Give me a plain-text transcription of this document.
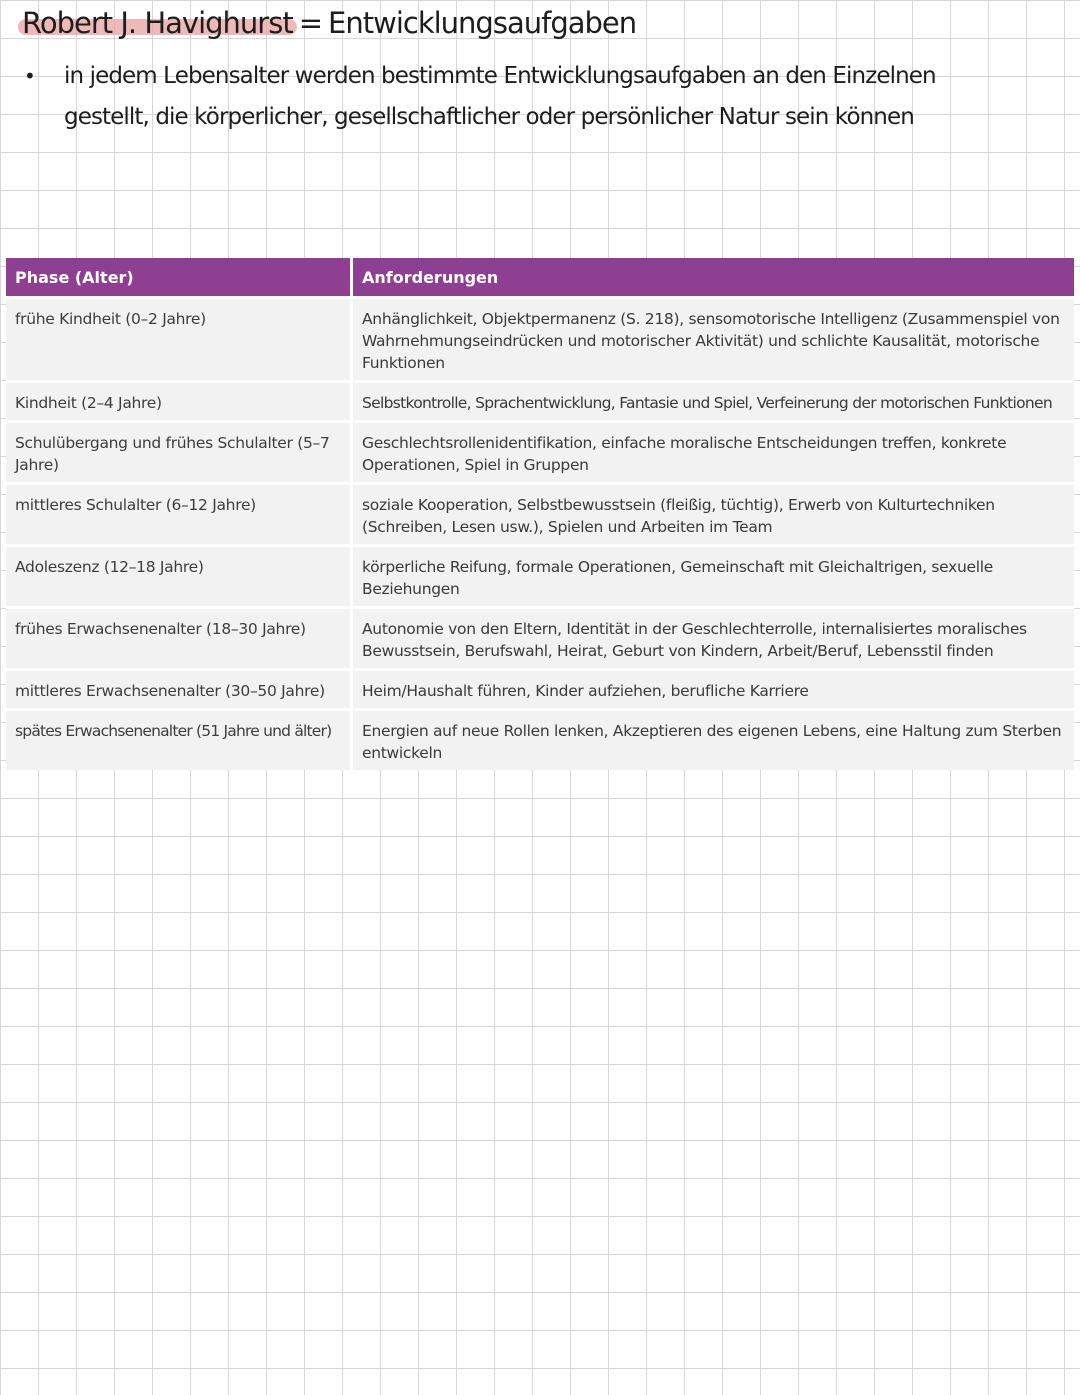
Robert J. Havighurst = Entwicklungsaufgaben
• in jedem Lebensalter werden bestimmte Entwicklungsaufgaben an den Einzelnen gestellt, die körperlicher, gesellschaftlicher oder persönlicher Natur sein können
Phase (Alter)	Anforderungen
frühe Kindheit (0–2 Jahre)	Anhänglichkeit, Objektpermanenz (S. 218), sensomotorische Intelligenz (Zusammenspiel von Wahrnehmungseindrücken und motorischer Aktivität) und schlichte Kausalität, motorische Funktionen
Kindheit (2–4 Jahre)	Selbstkontrolle, Sprachentwicklung, Fantasie und Spiel, Verfeinerung der motorischen Funktionen
Schulübergang und frühes Schulalter (5–7 Jahre)	Geschlechtsrollenidentifikation, einfache moralische Entscheidungen treffen, konkrete Operationen, Spiel in Gruppen
mittleres Schulalter (6–12 Jahre)	soziale Kooperation, Selbstbewusstsein (fleißig, tüchtig), Erwerb von Kulturtechniken (Schreiben, Lesen usw.), Spielen und Arbeiten im Team
Adoleszenz (12–18 Jahre)	körperliche Reifung, formale Operationen, Gemeinschaft mit Gleichaltrigen, sexuelle Beziehungen
frühes Erwachsenenalter (18–30 Jahre)	Autonomie von den Eltern, Identität in der Geschlechterrolle, internalisiertes moralisches Bewusstsein, Berufswahl, Heirat, Geburt von Kindern, Arbeit/Beruf, Lebensstil finden
mittleres Erwachsenenalter (30–50 Jahre)	Heim/Haushalt führen, Kinder aufziehen, berufliche Karriere
spätes Erwachsenenalter (51 Jahre und älter)	Energien auf neue Rollen lenken, Akzeptieren des eigenen Lebens, eine Haltung zum Sterben entwickeln
